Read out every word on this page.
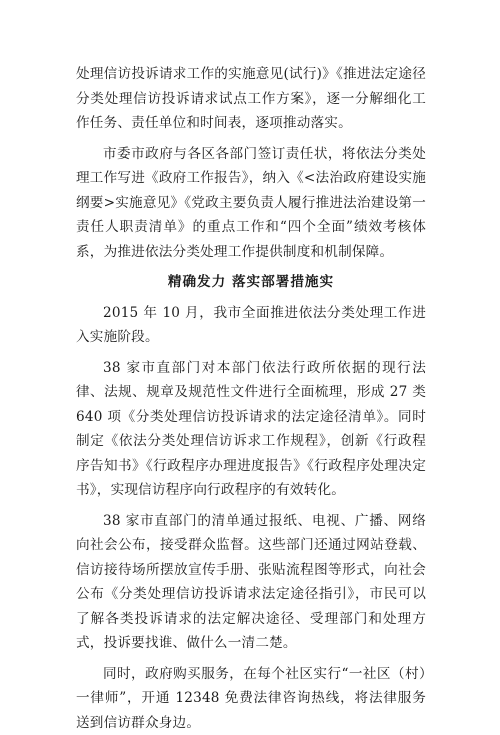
处理信访投诉请求工作的实施意见(试行)》《推进法定途径分类处理信访投诉请求试点工作方案》，逐一分解细化工作任务、责任单位和时间表，逐项推动落实。

市委市政府与各区各部门签订责任状，将依法分类处理工作写进《政府工作报告》，纳入《<法治政府建设实施纲要>实施意见》《党政主要负责人履行推进法治建设第一责任人职责清单》的重点工作和“四个全面”绩效考核体系，为推进依法分类处理工作提供制度和机制保障。

精确发力 落实部署措施实

2015 年 10 月，我市全面推进依法分类处理工作进入实施阶段。

38 家市直部门对本部门依法行政所依据的现行法律、法规、规章及规范性文件进行全面梳理，形成 27 类 640 项《分类处理信访投诉请求的法定途径清单》。同时制定《依法分类处理信访诉求工作规程》，创新《行政程序告知书》《行政程序办理进度报告》《行政程序处理决定书》，实现信访程序向行政程序的有效转化。

38 家市直部门的清单通过报纸、电视、广播、网络向社会公布，接受群众监督。这些部门还通过网站登载、信访接待场所摆放宣传手册、张贴流程图等形式，向社会公布《分类处理信访投诉请求法定途径指引》，市民可以了解各类投诉请求的法定解决途径、受理部门和处理方式，投诉要找谁、做什么一清二楚。

同时，政府购买服务，在每个社区实行“一社区（村）一律师”，开通 12348 免费法律咨询热线，将法律服务送到信访群众身边。
